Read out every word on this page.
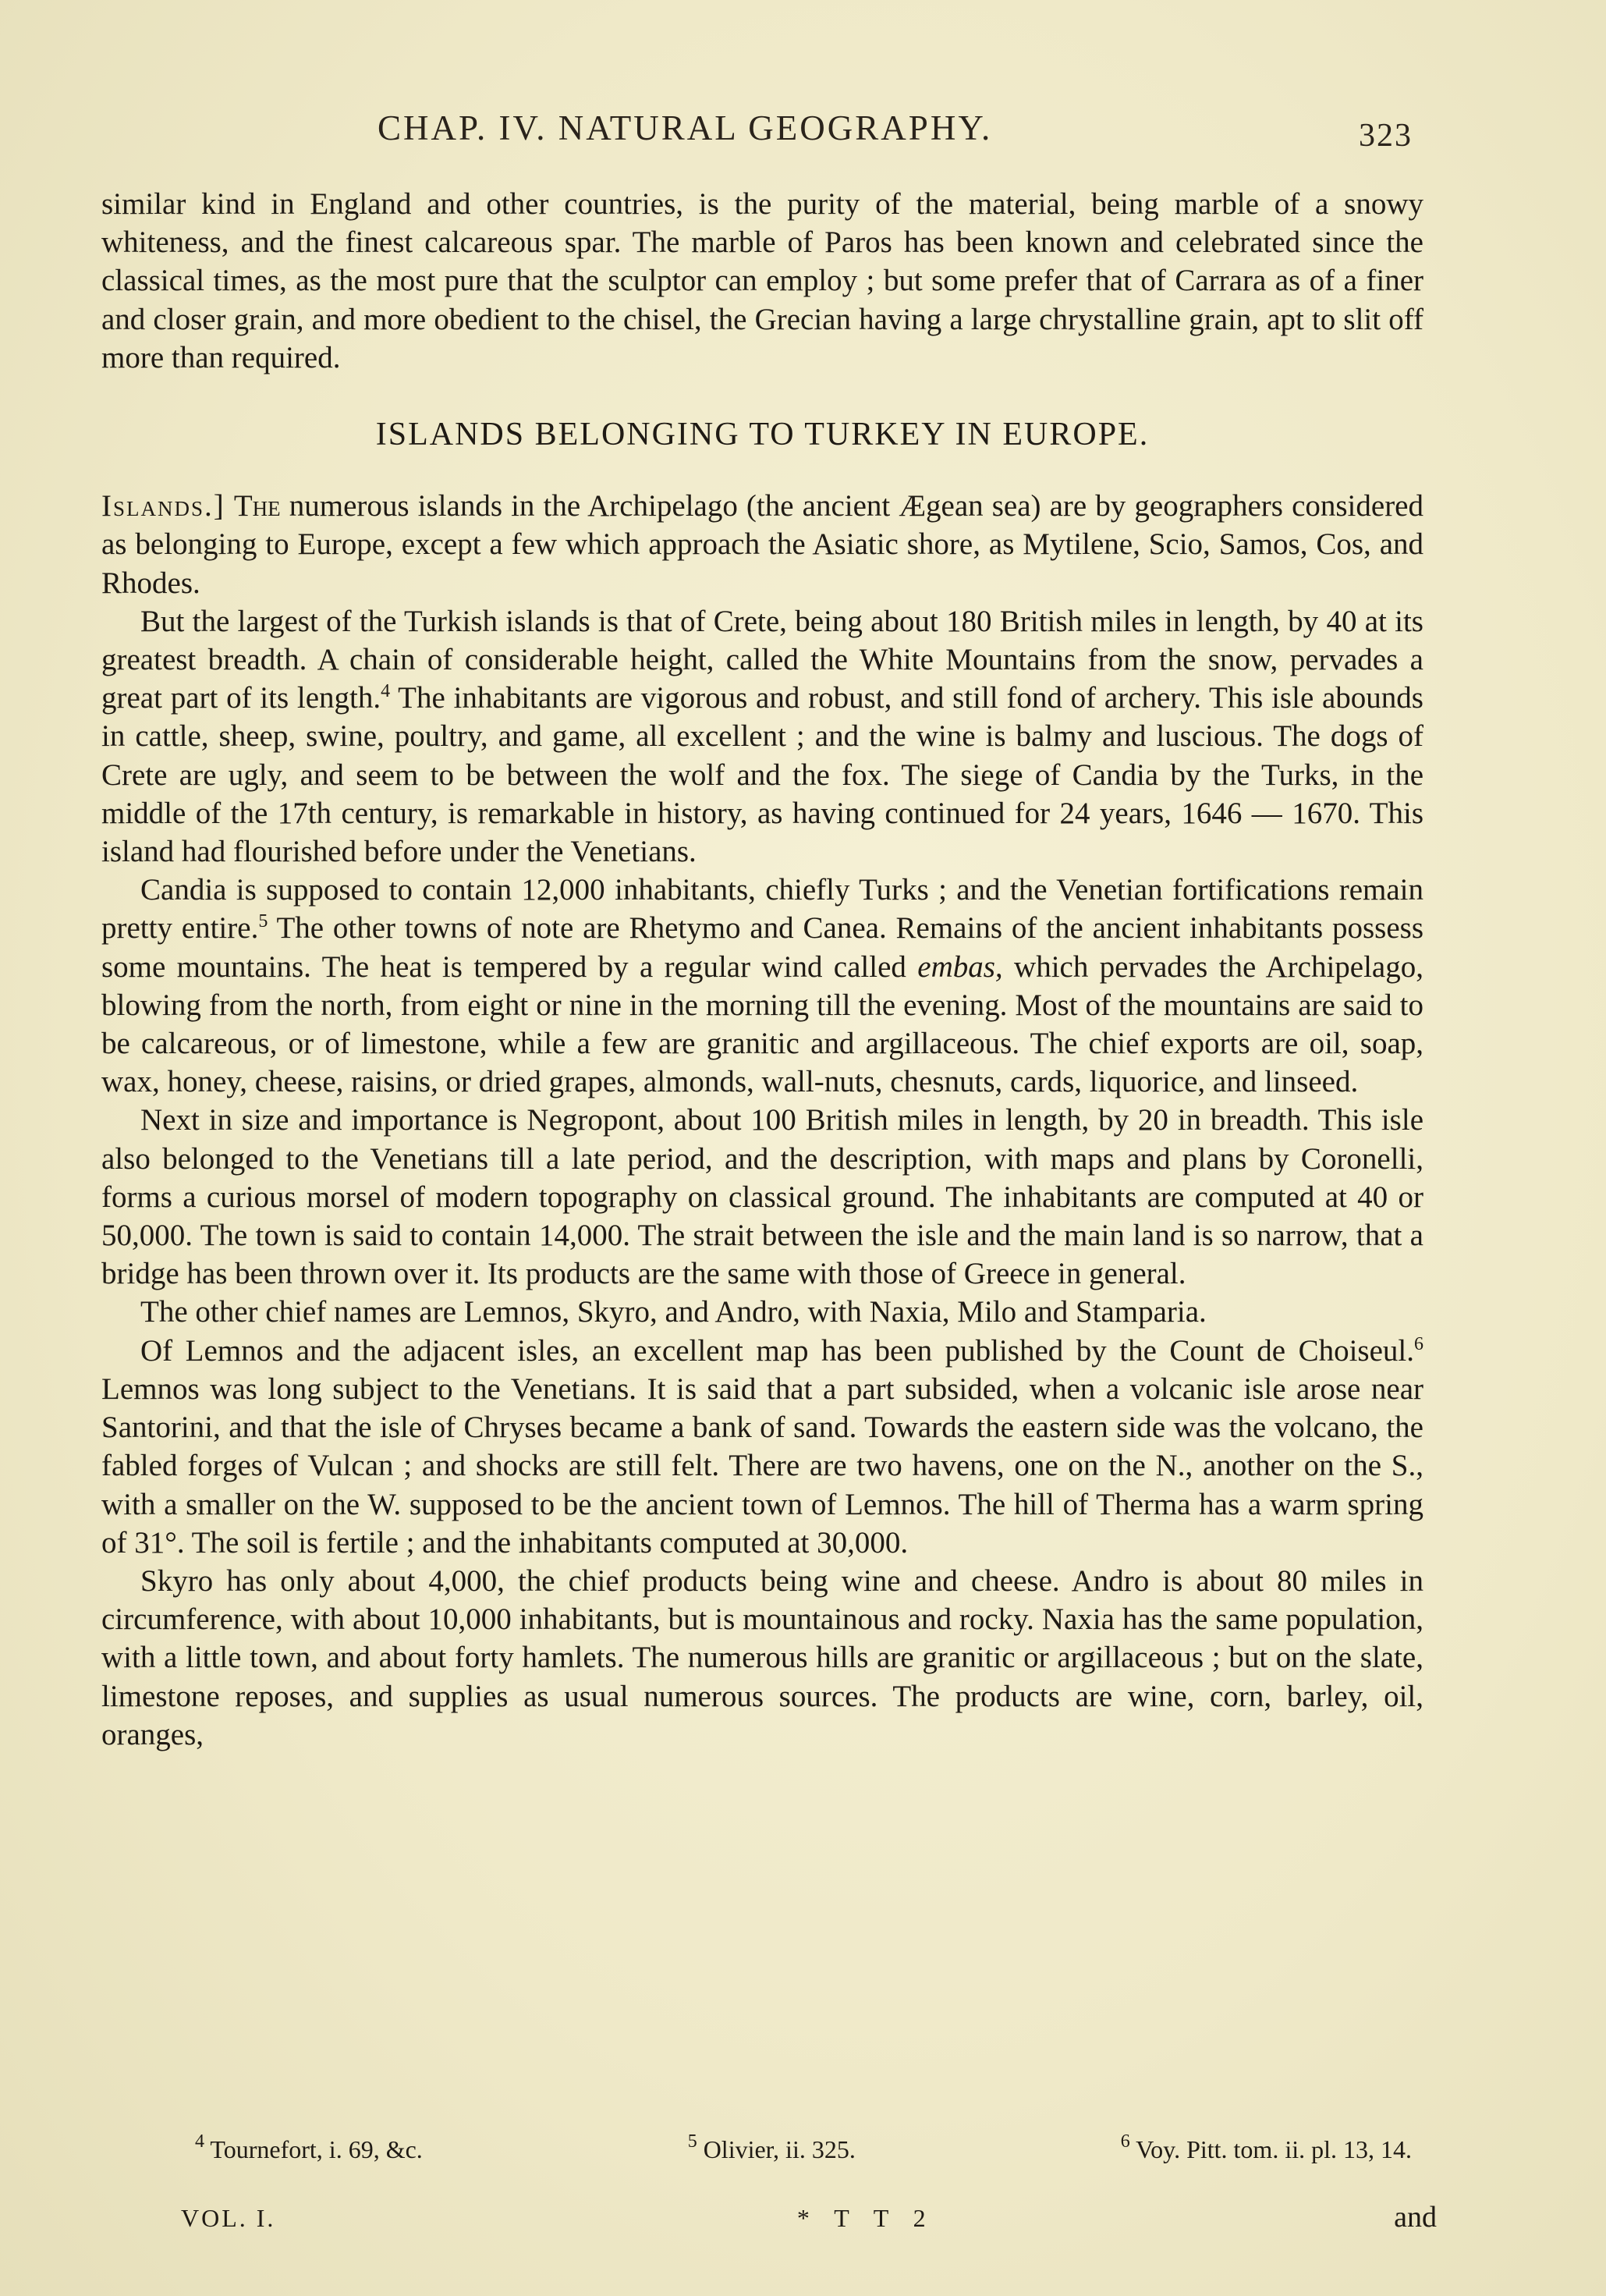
CHAP. IV. NATURAL GEOGRAPHY.	323

similar kind in England and other countries, is the purity of the material, being marble of a snowy whiteness, and the finest calcareous spar. The marble of Paros has been known and celebrated since the classical times, as the most pure that the sculptor can employ ; but some prefer that of Carrara as of a finer and closer grain, and more obedient to the chisel, the Grecian having a large chrystalline grain, apt to slit off more than required.

ISLANDS BELONGING TO TURKEY IN EUROPE.

Islands.] The numerous islands in the Archipelago (the ancient Ægean sea) are by geographers considered as belonging to Europe, except a few which approach the Asiatic shore, as Mytilene, Scio, Samos, Cos, and Rhodes.

But the largest of the Turkish islands is that of Crete, being about 180 British miles in length, by 40 at its greatest breadth. A chain of considerable height, called the White Mountains from the snow, pervades a great part of its length.$^4$ The inhabitants are vigorous and robust, and still fond of archery. This isle abounds in cattle, sheep, swine, poultry, and game, all excellent ; and the wine is balmy and luscious. The dogs of Crete are ugly, and seem to be between the wolf and the fox. The siege of Candia by the Turks, in the middle of the 17th century, is remarkable in history, as having continued for 24 years, 1646 — 1670. This island had flourished before under the Venetians.

Candia is supposed to contain 12,000 inhabitants, chiefly Turks ; and the Venetian fortifications remain pretty entire.$^5$ The other towns of note are Rhetymo and Canea. Remains of the ancient inhabitants possess some mountains. The heat is tempered by a regular wind called embas, which pervades the Archipelago, blowing from the north, from eight or nine in the morning till the evening. Most of the mountains are said to be calcareous, or of limestone, while a few are granitic and argillaceous. The chief exports are oil, soap, wax, honey, cheese, raisins, or dried grapes, almonds, wall-nuts, chesnuts, cards, liquorice, and linseed.

Next in size and importance is Negropont, about 100 British miles in length, by 20 in breadth. This isle also belonged to the Venetians till a late period, and the description, with maps and plans by Coronelli, forms a curious morsel of modern topography on classical ground. The inhabitants are computed at 40 or 50,000. The town is said to contain 14,000. The strait between the isle and the main land is so narrow, that a bridge has been thrown over it. Its products are the same with those of Greece in general.

The other chief names are Lemnos, Skyro, and Andro, with Naxia, Milo and Stamparia.

Of Lemnos and the adjacent isles, an excellent map has been published by the Count de Choiseul.$^6$ Lemnos was long subject to the Venetians. It is said that a part subsided, when a volcanic isle arose near Santorini, and that the isle of Chryses became a bank of sand. Towards the eastern side was the volcano, the fabled forges of Vulcan ; and shocks are still felt. There are two havens, one on the N., another on the S., with a smaller on the W. supposed to be the ancient town of Lemnos. The hill of Therma has a warm spring of 31°. The soil is fertile ; and the inhabitants computed at 30,000.

Skyro has only about 4,000, the chief products being wine and cheese. Andro is about 80 miles in circumference, with about 10,000 inhabitants, but is mountainous and rocky. Naxia has the same population, with a little town, and about forty hamlets. The numerous hills are granitic or argillaceous ; but on the slate, limestone reposes, and supplies as usual numerous sources. The products are wine, corn, barley, oil, oranges,

$^4$ Tournefort, i. 69, &c.	$^5$ Olivier, ii. 325.	$^6$ Voy. Pitt. tom. ii. pl. 13, 14.
VOL. I.	* T T 2	and
